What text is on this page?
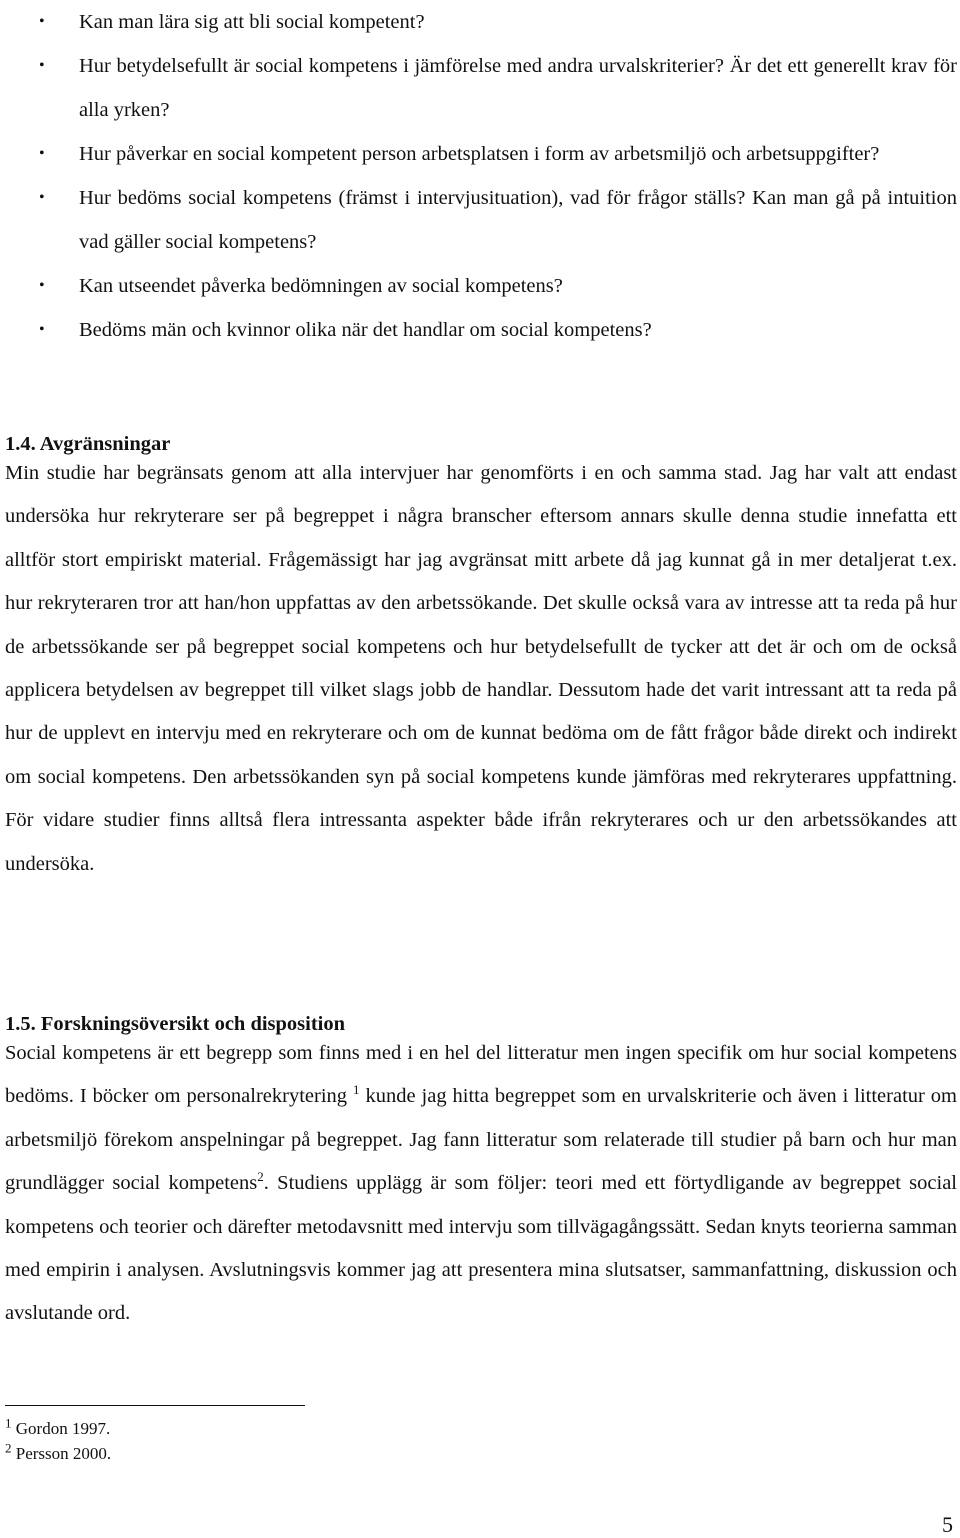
• Kan man lära sig att bli social kompetent?
• Hur betydelsefullt är social kompetens i jämförelse med andra urvalskriterier? Är det ett generellt krav för alla yrken?
• Hur påverkar en social kompetent person arbetsplatsen i form av arbetsmiljö och arbetsuppgifter?
• Hur bedöms social kompetens (främst i intervjusituation), vad för frågor ställs? Kan man gå på intuition vad gäller social kompetens?
• Kan utseendet påverka bedömningen av social kompetens?
• Bedöms män och kvinnor olika när det handlar om social kompetens?
1.4. Avgränsningar

Min studie har begränsats genom att alla intervjuer har genomförts i en och samma stad. Jag har valt att endast undersöka hur rekryterare ser på begreppet i några branscher eftersom annars skulle denna studie innefatta ett alltför stort empiriskt material. Frågemässigt har jag avgränsat mitt arbete då jag kunnat gå in mer detaljerat t.ex. hur rekryteraren tror att han/hon uppfattas av den arbetssökande. Det skulle också vara av intresse att ta reda på hur de arbetssökande ser på begreppet social kompetens och hur betydelsefullt de tycker att det är och om de också applicera betydelsen av begreppet till vilket slags jobb de handlar. Dessutom hade det varit intressant att ta reda på hur de upplevt en intervju med en rekryterare och om de kunnat bedöma om de fått frågor både direkt och indirekt om social kompetens. Den arbetssökanden syn på social kompetens kunde jämföras med rekryterares uppfattning. För vidare studier finns alltså flera intressanta aspekter både ifrån rekryterares och ur den arbetssökandes att undersöka.

1.5. Forskningsöversikt och disposition

Social kompetens är ett begrepp som finns med i en hel del litteratur men ingen specifik om hur social kompetens bedöms. I böcker om personalrekrytering $^1$ kunde jag hitta begreppet som en urvalskriterie och även i litteratur om arbetsmiljö förekom anspelningar på begreppet. Jag fann litteratur som relaterade till studier på barn och hur man grundlägger social kompetens$^2$. Studiens upplägg är som följer: teori med ett förtydligande av begreppet social kompetens och teorier och därefter metodavsnitt med intervju som tillvägagångssätt. Sedan knyts teorierna samman med empirin i analysen. Avslutningsvis kommer jag att presentera mina slutsatser, sammanfattning, diskussion och avslutande ord.

$^1$ Gordon 1997.
$^2$ Persson 2000.
5
